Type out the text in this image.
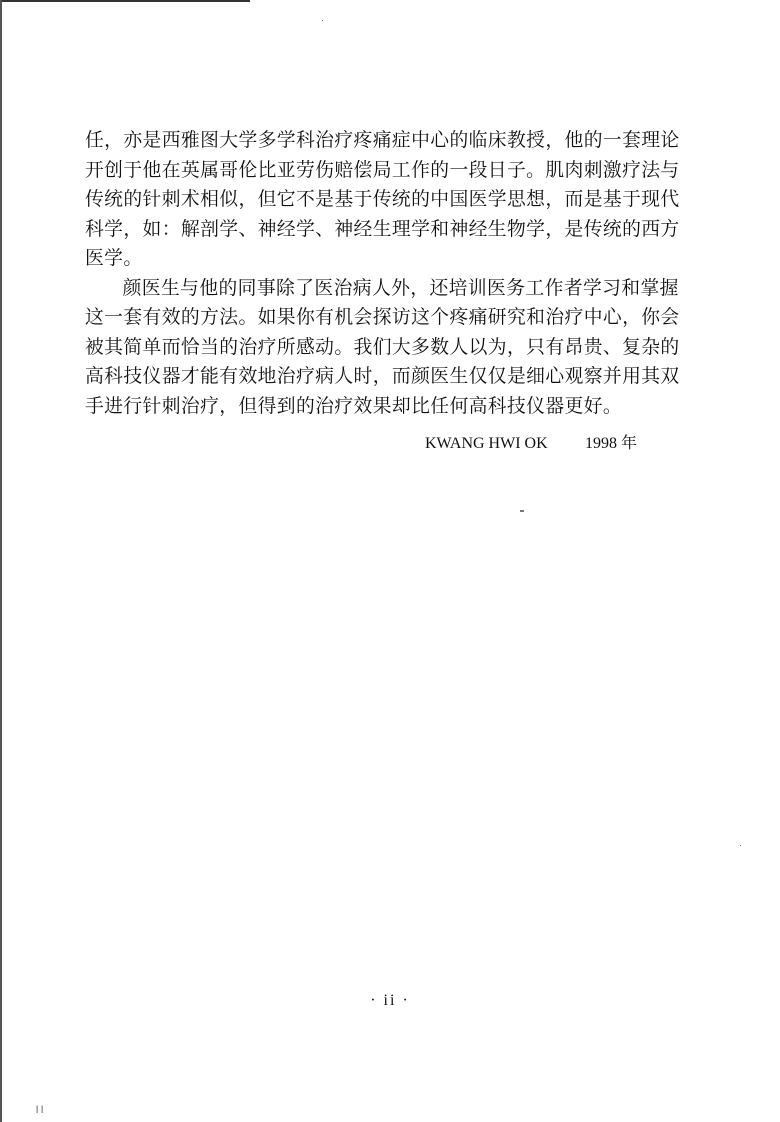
任，亦是西雅图大学多学科治疗疼痛症中心的临床教授，他的一套理论开创于他在英属哥伦比亚劳伤赔偿局工作的一段日子。肌肉刺激疗法与传统的针刺术相似，但它不是基于传统的中国医学思想，而是基于现代科学，如：解剖学、神经学、神经生理学和神经生物学，是传统的西方医学。

颜医生与他的同事除了医治病人外，还培训医务工作者学习和掌握这一套有效的方法。如果你有机会探访这个疼痛研究和治疗中心，你会被其简单而恰当的治疗所感动。我们大多数人以为，只有昂贵、复杂的高科技仪器才能有效地治疗病人时，而颜医生仅仅是细心观察并用其双手进行针刺治疗，但得到的治疗效果却比任何高科技仪器更好。

KWANG HWI OK 1998 年
· ii ·
l l
